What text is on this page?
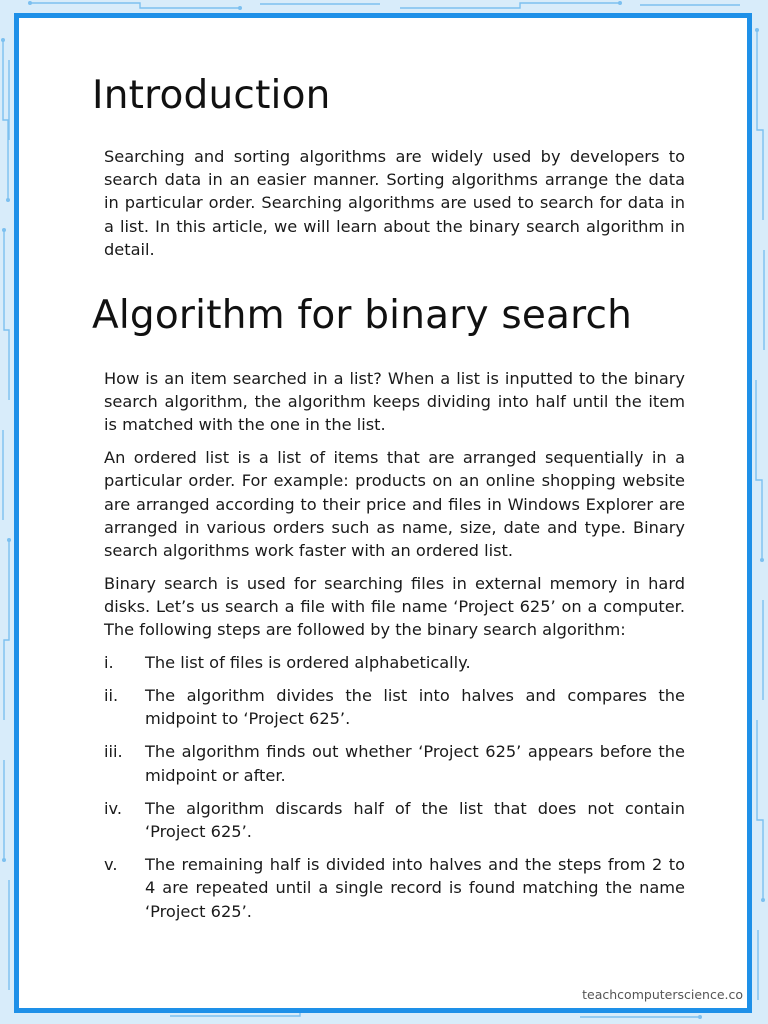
Introduction

Searching and sorting algorithms are widely used by developers to search data in an easier manner. Sorting algorithms arrange the data in particular order. Searching algorithms are used to search for data in a list. In this article, we will learn about the binary search algorithm in detail.

Algorithm for binary search

How is an item searched in a list? When a list is inputted to the binary search algorithm, the algorithm keeps dividing into half until the item is matched with the one in the list.

An ordered list is a list of items that are arranged sequentially in a particular order. For example: products on an online shopping website are arranged according to their price and files in Windows Explorer are arranged in various orders such as name, size, date and type. Binary search algorithms work faster with an ordered list.

Binary search is used for searching files in external memory in hard disks. Let’s us search a file with file name ‘Project 625’ on a computer. The following steps are followed by the binary search algorithm:

i.	The list of files is ordered alphabetically.
ii.	The algorithm divides the list into halves and compares the midpoint to ‘Project 625’.
iii.	The algorithm finds out whether ‘Project 625’ appears before the midpoint or after.
iv.	The algorithm discards half of the list that does not contain ‘Project 625’.
v.	The remaining half is divided into halves and the steps from 2 to 4 are repeated until a single record is found matching the name ‘Project 625’.
teachcomputerscience.co
